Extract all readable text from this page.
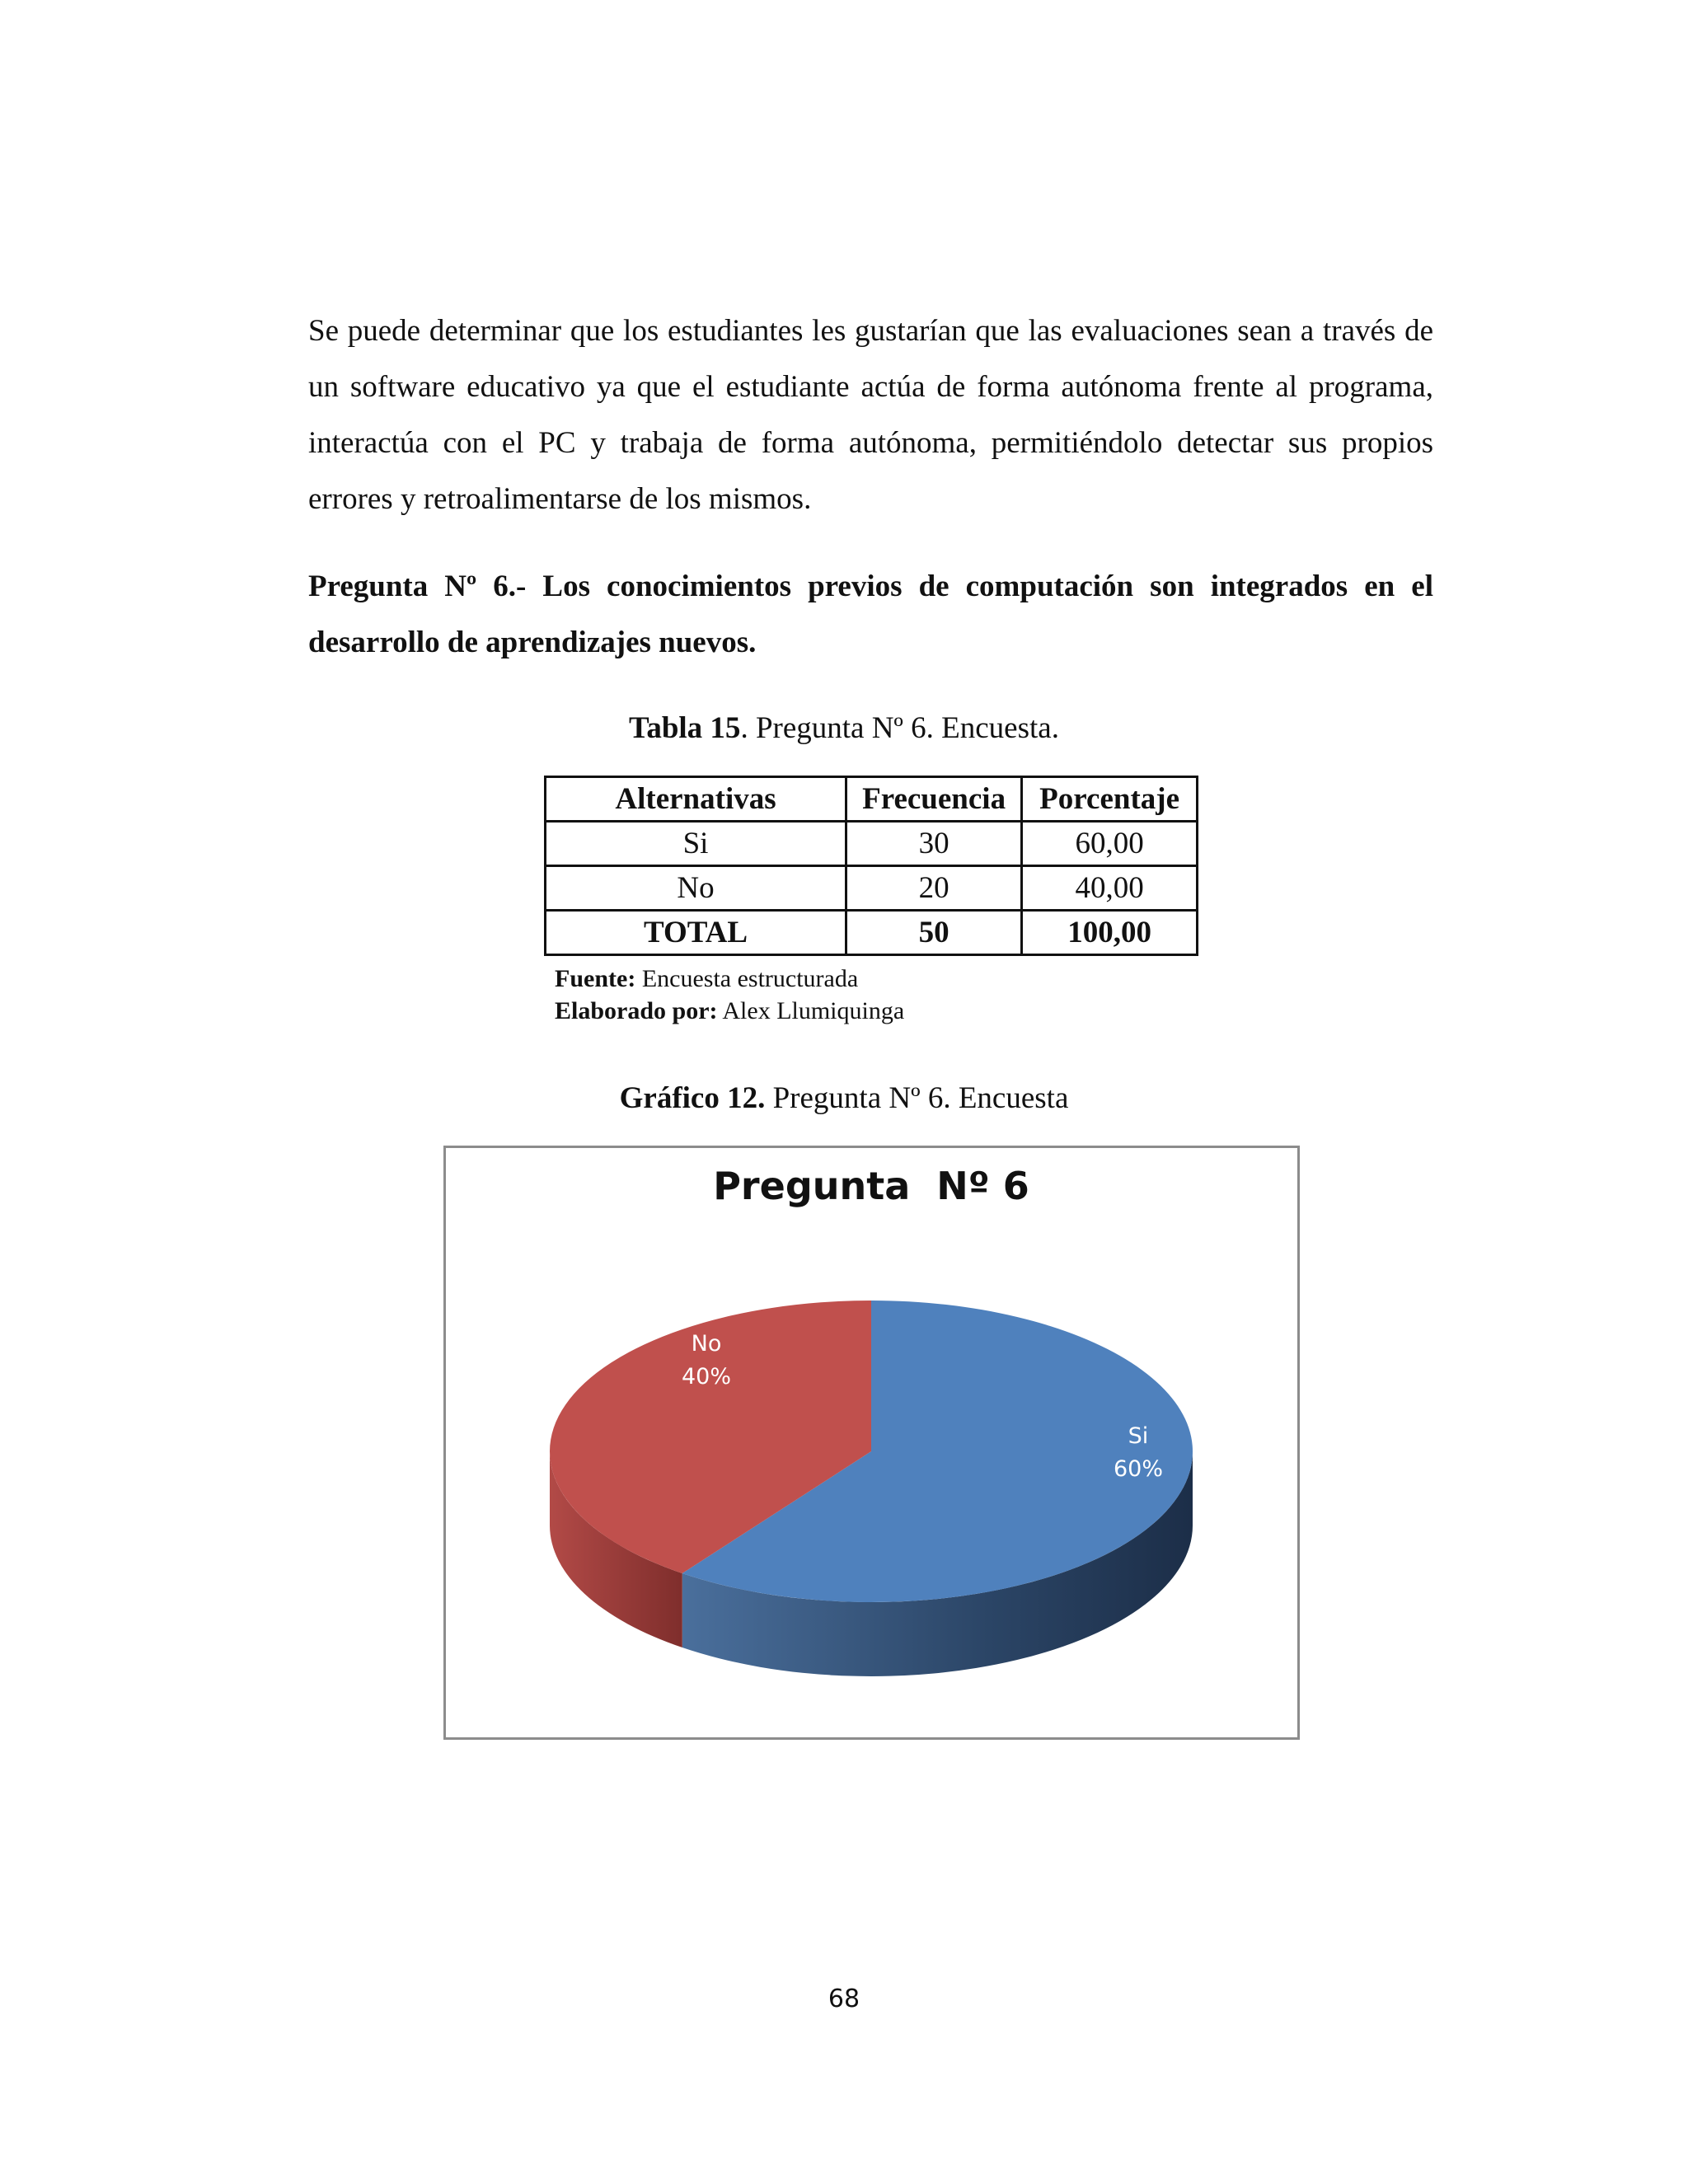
Se puede determinar que los estudiantes les gustarían que las evaluaciones sean a través de un software educativo ya que el estudiante actúa de forma autónoma frente al programa, interactúa con el PC y trabaja de forma autónoma, permitiéndolo detectar sus propios errores y retroalimentarse de los mismos.

Pregunta Nº 6.- Los conocimientos previos de computación son integrados en el desarrollo de aprendizajes nuevos.

Tabla 15. Pregunta Nº 6. Encuesta.
Alternativas	Frecuencia	Porcentaje
Si	30	60,00
No	20	40,00
TOTAL	50	100,00
Fuente: Encuesta estructurada
Elaborado por: Alex Llumiquinga
Gráfico 12. Pregunta Nº 6. Encuesta
Pregunta  Nº 6
Si
60%
No
40%
68
